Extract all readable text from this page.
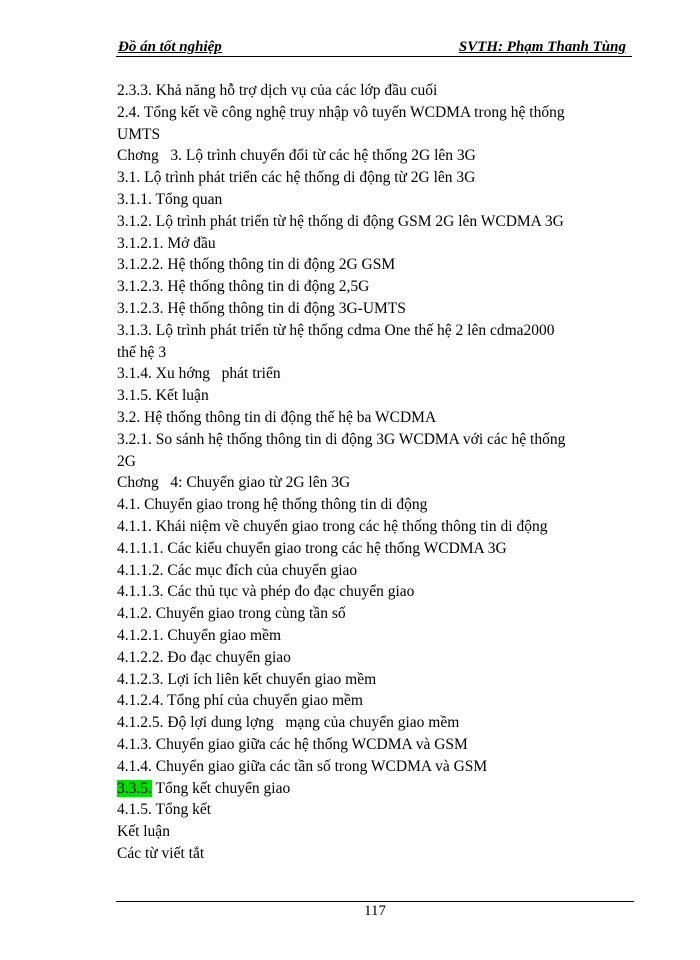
Đồ án tốt nghiệp	SVTH: Phạm Thanh Tùng
2.3.3. Khả năng hỗ trợ dịch vụ của các lớp đầu cuối
2.4. Tổng kết về công nghệ truy nhập vô tuyến WCDMA trong hệ thống
UMTS
Chơng   3. Lộ trình chuyển đổi từ các hệ thống 2G lên 3G
3.1. Lộ trình phát triển các hệ thống di động từ 2G lên 3G
3.1.1. Tổng quan
3.1.2. Lộ trình phát triển từ hệ thống di động GSM 2G lên WCDMA 3G
3.1.2.1. Mở đầu
3.1.2.2. Hệ thống thông tin di động 2G GSM
3.1.2.3. Hệ thống thông tin di động 2,5G
3.1.2.3. Hệ thống thông tin di động 3G-UMTS
3.1.3. Lộ trình phát triển từ hệ thống cdma One thế hệ 2 lên cdma2000
thế hệ 3
3.1.4. Xu hớng   phát triển
3.1.5. Kết luận
3.2. Hệ thống thông tin di động thế hệ ba WCDMA
3.2.1. So sánh hệ thống thông tin di động 3G WCDMA với các hệ thống
2G
Chơng   4: Chuyển giao từ 2G lên 3G
4.1. Chuyển giao trong hệ thống thông tin di động
4.1.1. Khái niệm về chuyển giao trong các hệ thống thông tin di động
4.1.1.1. Các kiểu chuyển giao trong các hệ thống WCDMA 3G
4.1.1.2. Các mục đích của chuyển giao
4.1.1.3. Các thủ tục và phép đo đạc chuyển giao
4.1.2. Chuyển giao trong cùng tần số
4.1.2.1. Chuyển giao mềm
4.1.2.2. Đo đạc chuyển giao
4.1.2.3. Lợi ích liên kết chuyển giao mềm
4.1.2.4. Tổng phí của chuyển giao mềm
4.1.2.5. Độ lợi dung lợng   mạng của chuyển giao mềm
4.1.3. Chuyển giao giữa các hệ thống WCDMA và GSM
4.1.4. Chuyển giao giữa các tần số trong WCDMA và GSM
3.3.5. Tổng kết chuyển giao
4.1.5. Tổng kết
Kết luận
Các từ viết tắt
117
